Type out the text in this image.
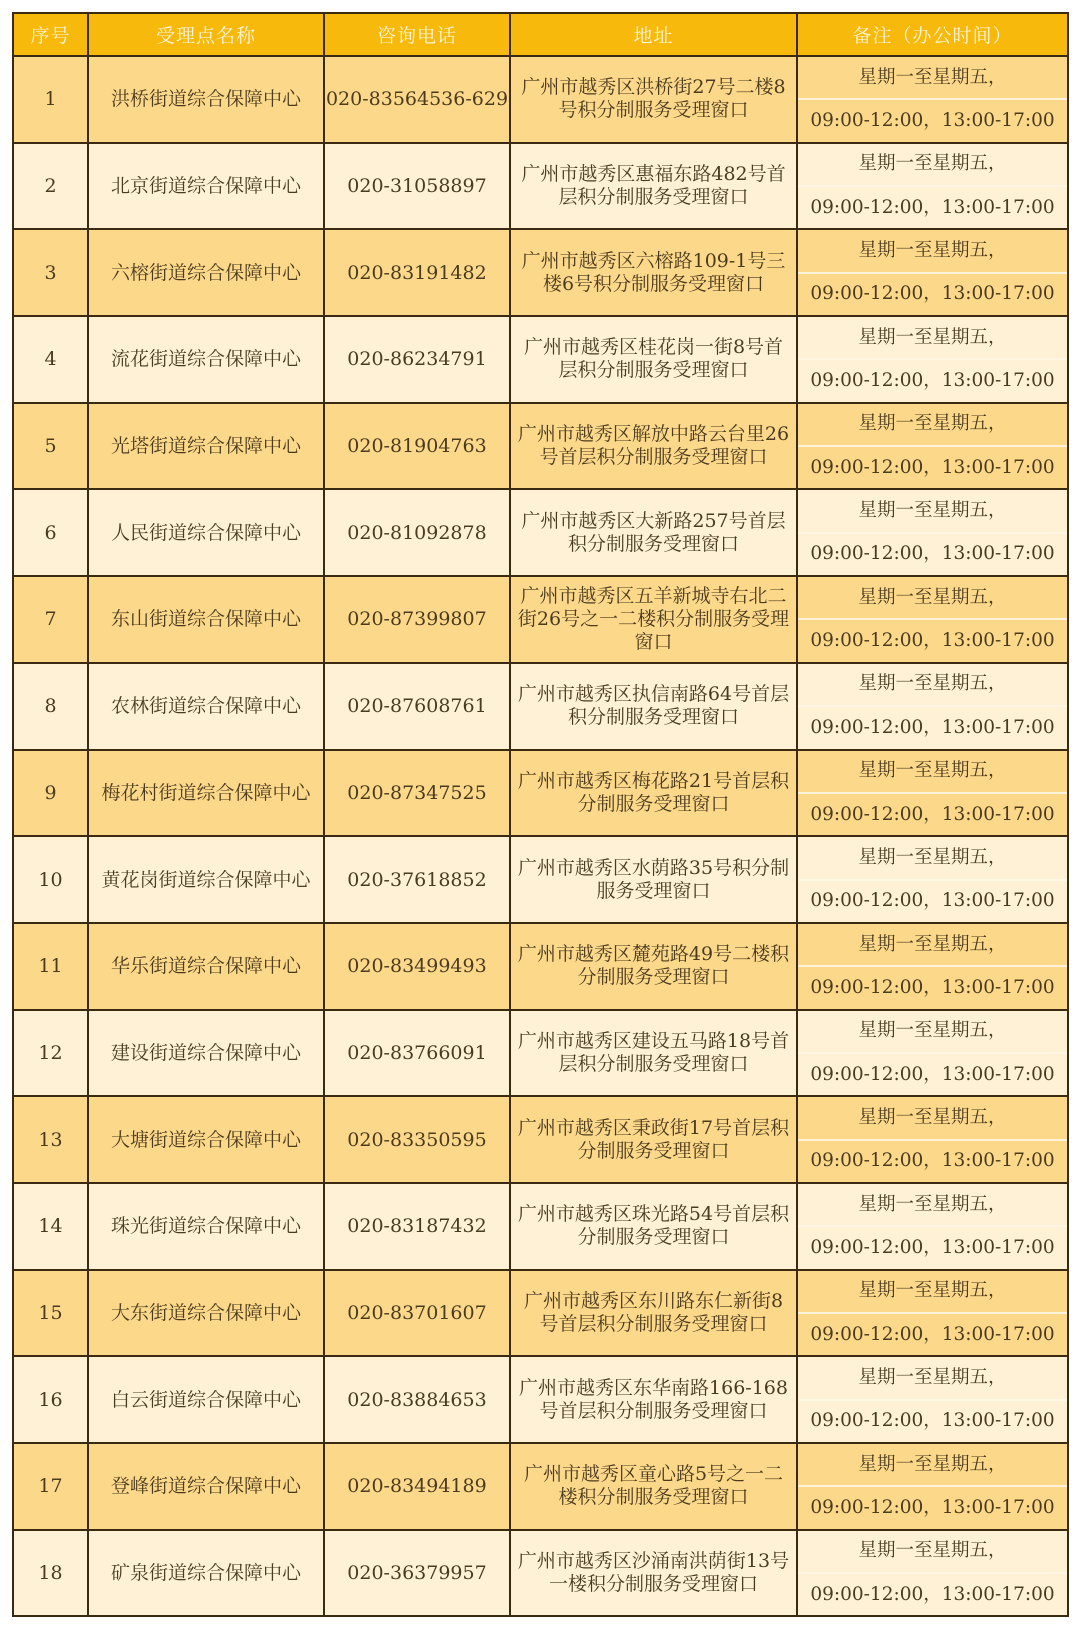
序号	受理点名称	咨询电话	地址	备注（办公时间）
1	洪桥街道综合保障中心	020-83564536-629	广州市越秀区洪桥街27号二楼8号积分制服务受理窗口	星期一至星期五，
09:00-12:00，13:00-17:00

2	北京街道综合保障中心	020-31058897	广州市越秀区惠福东路482号首层积分制服务受理窗口	星期一至星期五，
09:00-12:00，13:00-17:00

3	六榕街道综合保障中心	020-83191482	广州市越秀区六榕路109-1号三楼6号积分制服务受理窗口	星期一至星期五，
09:00-12:00，13:00-17:00

4	流花街道综合保障中心	020-86234791	广州市越秀区桂花岗一街8号首层积分制服务受理窗口	星期一至星期五，
09:00-12:00，13:00-17:00

5	光塔街道综合保障中心	020-81904763	广州市越秀区解放中路云台里26号首层积分制服务受理窗口	星期一至星期五，
09:00-12:00，13:00-17:00

6	人民街道综合保障中心	020-81092878	广州市越秀区大新路257号首层积分制服务受理窗口	星期一至星期五，
09:00-12:00，13:00-17:00

7	东山街道综合保障中心	020-87399807	广州市越秀区五羊新城寺右北二街26号之一二楼积分制服务受理窗口	星期一至星期五，
09:00-12:00，13:00-17:00

8	农林街道综合保障中心	020-87608761	广州市越秀区执信南路64号首层积分制服务受理窗口	星期一至星期五，
09:00-12:00，13:00-17:00

9	梅花村街道综合保障中心	020-87347525	广州市越秀区梅花路21号首层积分制服务受理窗口	星期一至星期五，
09:00-12:00，13:00-17:00

10	黄花岗街道综合保障中心	020-37618852	广州市越秀区水荫路35号积分制服务受理窗口	星期一至星期五，
09:00-12:00，13:00-17:00

11	华乐街道综合保障中心	020-83499493	广州市越秀区麓苑路49号二楼积分制服务受理窗口	星期一至星期五，
09:00-12:00，13:00-17:00

12	建设街道综合保障中心	020-83766091	广州市越秀区建设五马路18号首层积分制服务受理窗口	星期一至星期五，
09:00-12:00，13:00-17:00

13	大塘街道综合保障中心	020-83350595	广州市越秀区秉政街17号首层积分制服务受理窗口	星期一至星期五，
09:00-12:00，13:00-17:00

14	珠光街道综合保障中心	020-83187432	广州市越秀区珠光路54号首层积分制服务受理窗口	星期一至星期五，
09:00-12:00，13:00-17:00

15	大东街道综合保障中心	020-83701607	广州市越秀区东川路东仁新街8号首层积分制服务受理窗口	星期一至星期五，
09:00-12:00，13:00-17:00

16	白云街道综合保障中心	020-83884653	广州市越秀区东华南路166-168号首层积分制服务受理窗口	星期一至星期五，
09:00-12:00，13:00-17:00

17	登峰街道综合保障中心	020-83494189	广州市越秀区童心路5号之一二楼积分制服务受理窗口	星期一至星期五，
09:00-12:00，13:00-17:00

18	矿泉街道综合保障中心	020-36379957	广州市越秀区沙涌南洪荫街13号一楼积分制服务受理窗口	星期一至星期五，
09:00-12:00，13:00-17:00
